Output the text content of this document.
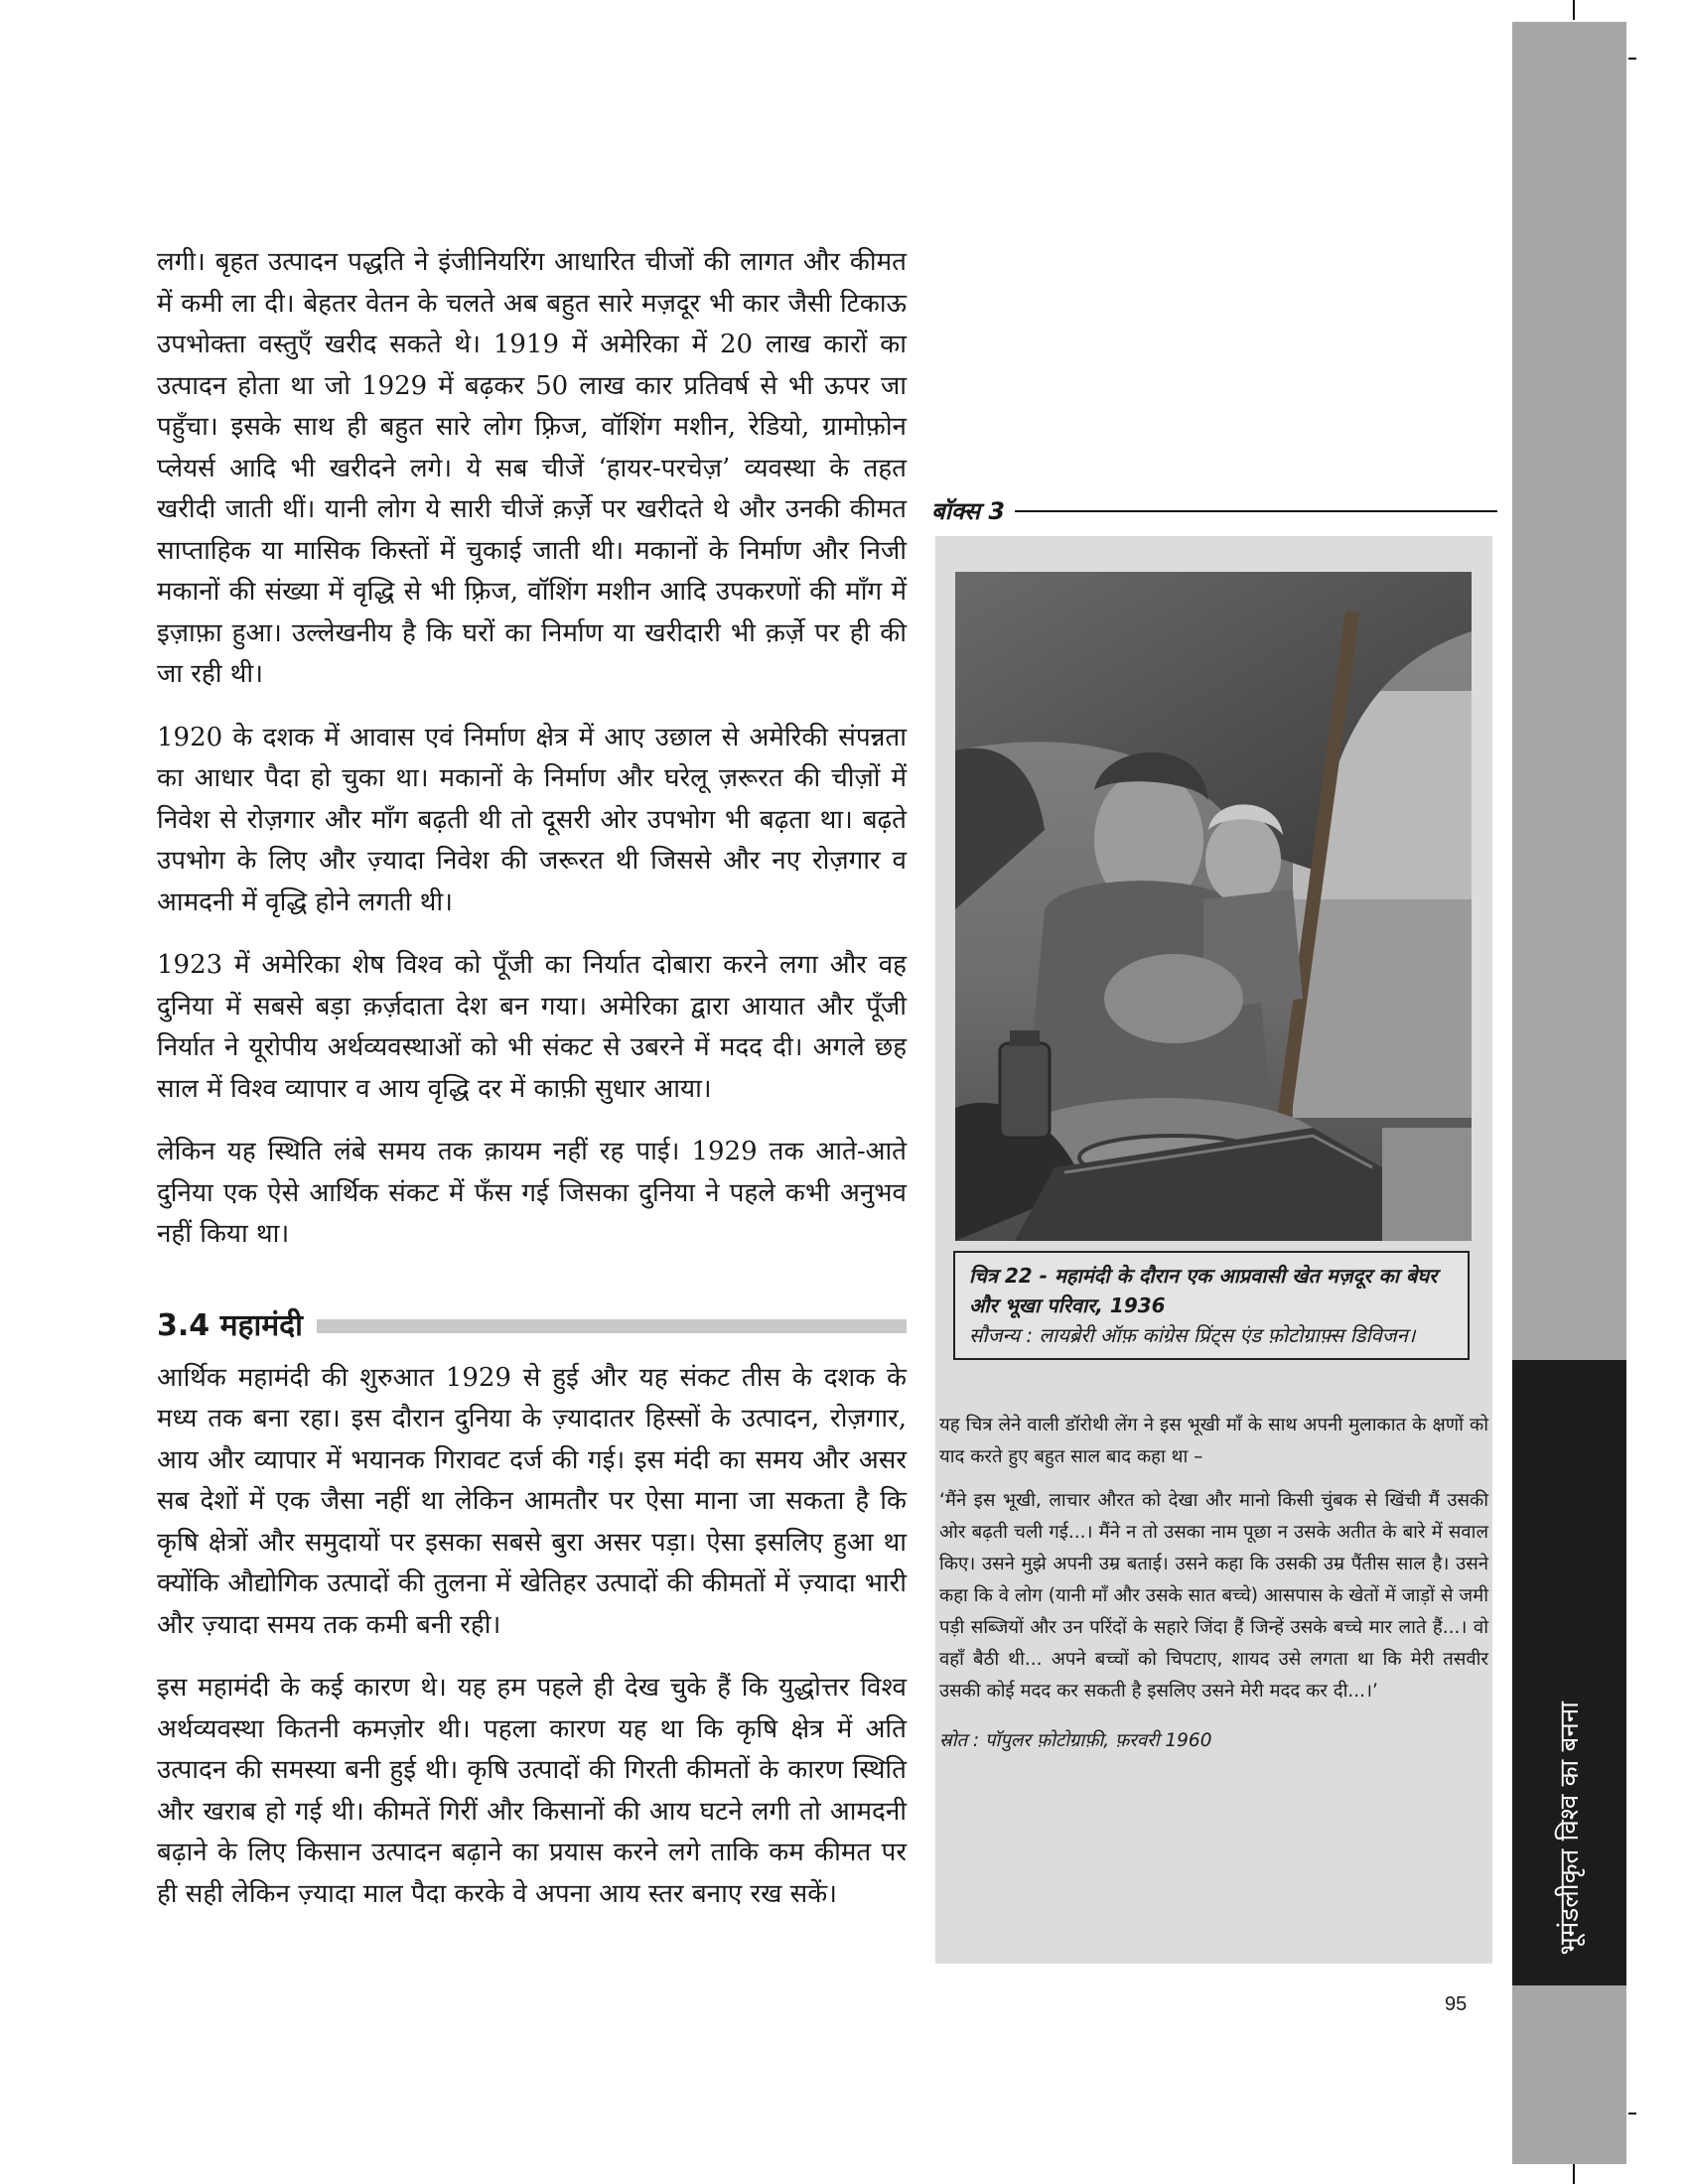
भूमंडलीकृत विश्व का बनना

लगी। बृहत उत्पादन पद्धति ने इंजीनियरिंग आधारित चीजों की लागत और कीमत में कमी ला दी। बेहतर वेतन के चलते अब बहुत सारे मज़दूर भी कार जैसी टिकाऊ उपभोक्ता वस्तुएँ खरीद सकते थे। 1919 में अमेरिका में 20 लाख कारों का उत्पादन होता था जो 1929 में बढ़कर 50 लाख कार प्रतिवर्ष से भी ऊपर जा पहुँचा। इसके साथ ही बहुत सारे लोग फ़्रिज, वॉशिंग मशीन, रेडियो, ग्रामोफ़ोन प्लेयर्स आदि भी खरीदने लगे। ये सब चीजें ‘हायर-परचेज़’ व्यवस्था के तहत खरीदी जाती थीं। यानी लोग ये सारी चीजें क़र्ज़े पर खरीदते थे और उनकी कीमत साप्ताहिक या मासिक किस्तों में चुकाई जाती थी। मकानों के निर्माण और निजी मकानों की संख्या में वृद्धि से भी फ़्रिज, वॉशिंग मशीन आदि उपकरणों की माँग में इज़ाफ़ा हुआ। उल्लेखनीय है कि घरों का निर्माण या खरीदारी भी क़र्ज़े पर ही की जा रही थी।

1920 के दशक में आवास एवं निर्माण क्षेत्र में आए उछाल से अमेरिकी संपन्नता का आधार पैदा हो चुका था। मकानों के निर्माण और घरेलू ज़रूरत की चीज़ों में निवेश से रोज़गार और माँग बढ़ती थी तो दूसरी ओर उपभोग भी बढ़ता था। बढ़ते उपभोग के लिए और ज़्यादा निवेश की जरूरत थी जिससे और नए रोज़गार व आमदनी में वृद्धि होने लगती थी।

1923 में अमेरिका शेष विश्व को पूँजी का निर्यात दोबारा करने लगा और वह दुनिया में सबसे बड़ा क़र्ज़दाता देश बन गया। अमेरिका द्वारा आयात और पूँजी निर्यात ने यूरोपीय अर्थव्यवस्थाओं को भी संकट से उबरने में मदद दी। अगले छह साल में विश्व व्यापार व आय वृद्धि दर में काफ़ी सुधार आया।

लेकिन यह स्थिति लंबे समय तक क़ायम नहीं रह पाई। 1929 तक आते-आते दुनिया एक ऐसे आर्थिक संकट में फँस गई जिसका दुनिया ने पहले कभी अनुभव नहीं किया था।

3.4 महामंदी

आर्थिक महामंदी की शुरुआत 1929 से हुई और यह संकट तीस के दशक के मध्य तक बना रहा। इस दौरान दुनिया के ज़्यादातर हिस्सों के उत्पादन, रोज़गार, आय और व्यापार में भयानक गिरावट दर्ज की गई। इस मंदी का समय और असर सब देशों में एक जैसा नहीं था लेकिन आमतौर पर ऐसा माना जा सकता है कि कृषि क्षेत्रों और समुदायों पर इसका सबसे बुरा असर पड़ा। ऐसा इसलिए हुआ था क्योंकि औद्योगिक उत्पादों की तुलना में खेतिहर उत्पादों की कीमतों में ज़्यादा भारी और ज़्यादा समय तक कमी बनी रही।

इस महामंदी के कई कारण थे। यह हम पहले ही देख चुके हैं कि युद्धोत्तर विश्व अर्थव्यवस्था कितनी कमज़ोर थी। पहला कारण यह था कि कृषि क्षेत्र में अति उत्पादन की समस्या बनी हुई थी। कृषि उत्पादों की गिरती कीमतों के कारण स्थिति और खराब हो गई थी। कीमतें गिरीं और किसानों की आय घटने लगी तो आमदनी बढ़ाने के लिए किसान उत्पादन बढ़ाने का प्रयास करने लगे ताकि कम कीमत पर ही सही लेकिन ज़्यादा माल पैदा करके वे अपना आय स्तर बनाए रख सकें।

बॉक्स 3
चित्र 22 - महामंदी के दौरान एक आप्रवासी खेत मज़दूर का बेघर और भूखा परिवार, 1936
सौजन्य : लायब्रेरी ऑफ़ कांग्रेस प्रिंट्स एंड फ़ोटोग्राफ़्स डिविजन।

यह चित्र लेने वाली डॉरोथी लेंग ने इस भूखी माँ के साथ अपनी मुलाकात के क्षणों को याद करते हुए बहुत साल बाद कहा था –

‘मैंने इस भूखी, लाचार औरत को देखा और मानो किसी चुंबक से खिंची मैं उसकी ओर बढ़ती चली गई...। मैंने न तो उसका नाम पूछा न उसके अतीत के बारे में सवाल किए। उसने मुझे अपनी उम्र बताई। उसने कहा कि उसकी उम्र पैंतीस साल है। उसने कहा कि वे लोग (यानी माँ और उसके सात बच्चे) आसपास के खेतों में जाड़ों से जमी पड़ी सब्जियों और उन परिंदों के सहारे जिंदा हैं जिन्हें उसके बच्चे मार लाते हैं...। वो वहाँ बैठी थी... अपने बच्चों को चिपटाए, शायद उसे लगता था कि मेरी तसवीर उसकी कोई मदद कर सकती है इसलिए उसने मेरी मदद कर दी...।’

स्रोत : पॉपुलर फ़ोटोग्राफ़ी, फ़रवरी 1960

95
